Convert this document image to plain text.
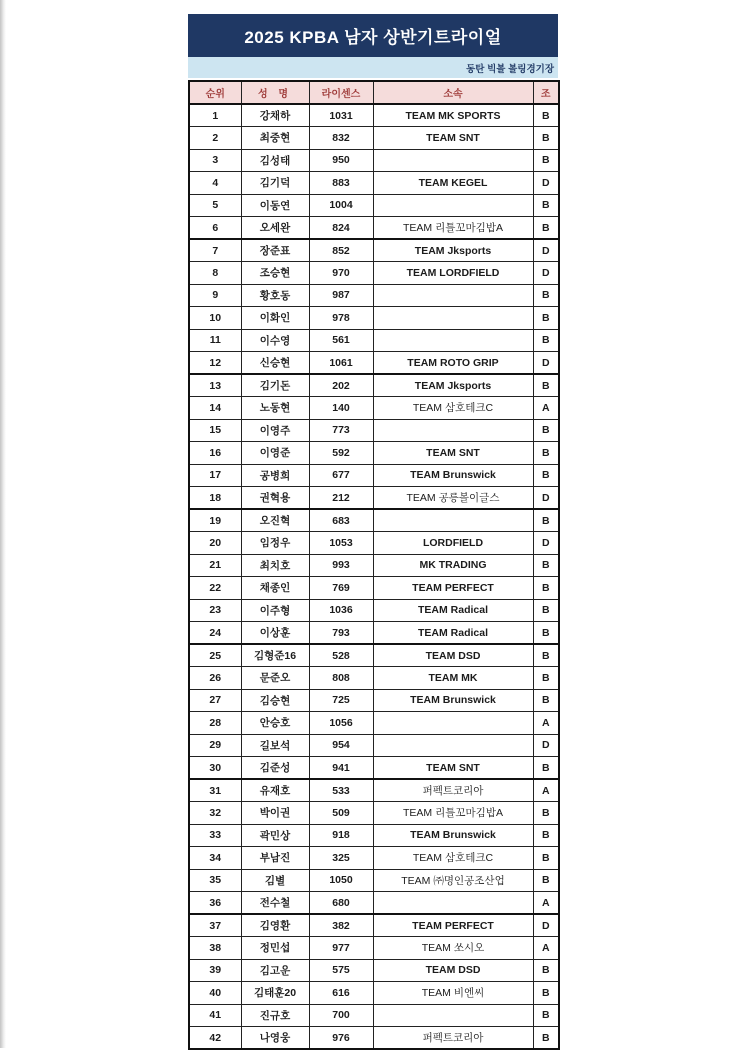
2025 KPBA 남자 상반기트라이얼
동탄 빅볼 볼링경기장
순위	성 명	라이센스	소속	조
1	강채하	1031	TEAM MK SPORTS	B
2	최중현	832	TEAM SNT	B
3	김성태	950		B
4	김기덕	883	TEAM KEGEL	D
5	이동연	1004		B
6	오세완	824	TEAM 리틀꼬마김밥A	B
7	장준표	852	TEAM Jksports	D
8	조승현	970	TEAM LORDFIELD	D
9	황호동	987		B
10	이화인	978		B
11	이수영	561		B
12	신승현	1061	TEAM ROTO GRIP	D
13	김기돈	202	TEAM Jksports	B
14	노동현	140	TEAM 삼호테크C	A
15	이영주	773		B
16	이영준	592	TEAM SNT	B
17	공병희	677	TEAM Brunswick	B
18	권혁용	212	TEAM 공릉볼이글스	D
19	오진혁	683		B
20	임정우	1053	LORDFIELD	D
21	최치호	993	MK TRADING	B
22	채종인	769	TEAM PERFECT	B
23	이주형	1036	TEAM Radical	B
24	이상훈	793	TEAM Radical	B
25	김형준16	528	TEAM DSD	B
26	문준오	808	TEAM MK	B
27	김승현	725	TEAM Brunswick	B
28	안승호	1056		A
29	길보석	954		D
30	김준성	941	TEAM SNT	B
31	유재호	533	퍼펙트코리아	A
32	박이권	509	TEAM 리틀꼬마김밥A	B
33	곽민상	918	TEAM Brunswick	B
34	부남진	325	TEAM 삼호테크C	B
35	김별	1050	TEAM ㈜명인공조산업	B
36	전수철	680		A
37	김영환	382	TEAM PERFECT	D
38	정민섭	977	TEAM 쏘시오	A
39	김고운	575	TEAM DSD	B
40	김태훈20	616	TEAM 비엔씨	B
41	진규호	700		B
42	나영웅	976	퍼펙트코리아	B
